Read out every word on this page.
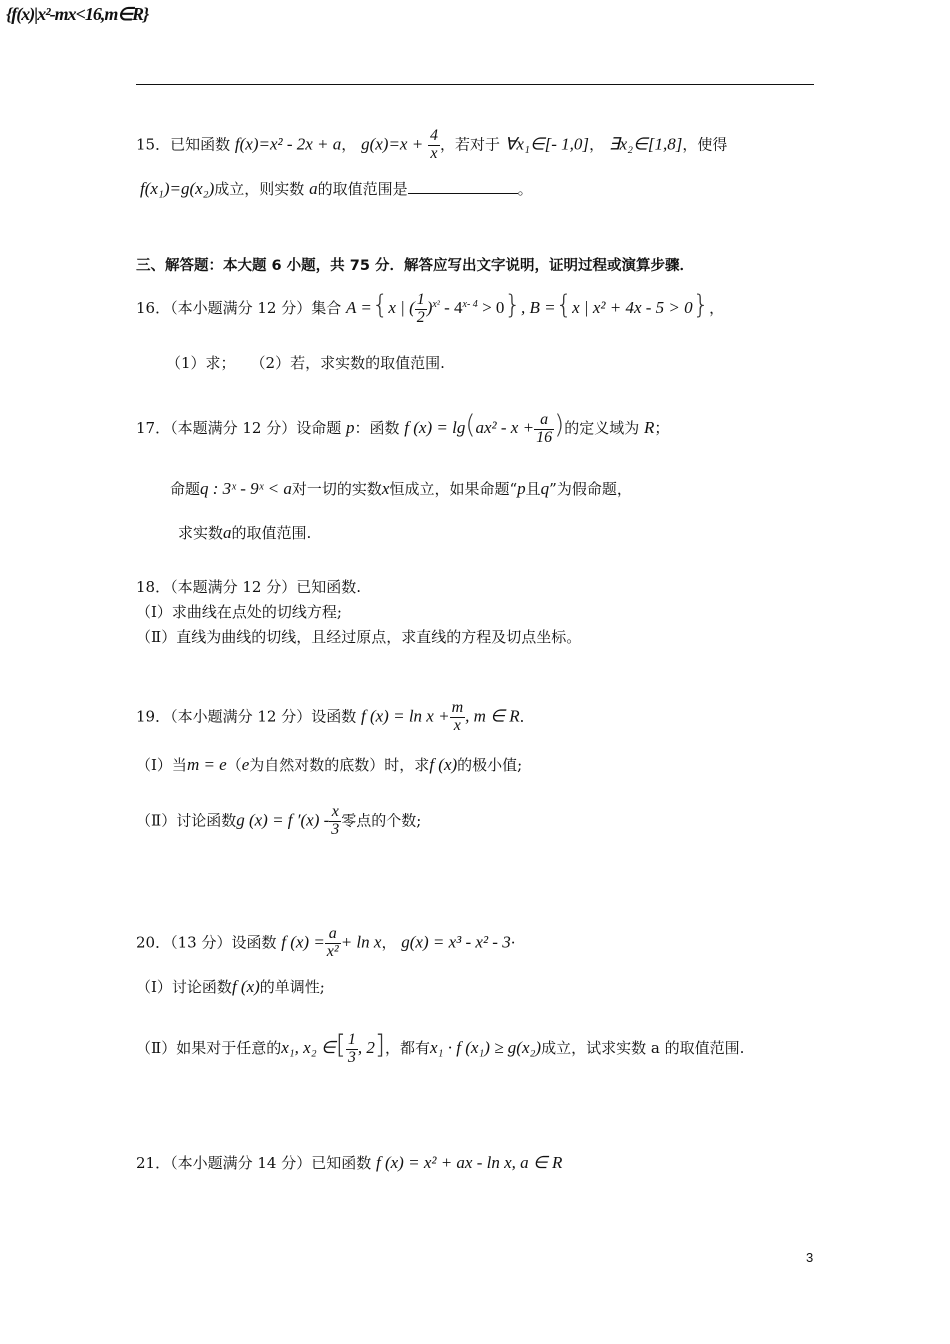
{f(x)|x²-mx<16,m∈R}
15．已知函数 f(x)=x² - 2x + a， $g(x)=x + \frac{4}{x}$ ，若对于 ∀x₁∈[- 1,0]， ∃x₂∈[1,8]，使得
f(x₁)=g(x₂)成立，则实数 a的取值范围是	。
三、解答题：本大题 6 小题，共 75 分．解答应写出文字说明，证明过程或演算步骤．
16．（本小题满分 12 分）集合 A ={x | ( $\frac{1}{2} )^{x^2} - 4^{x- 4} > 0$}, B ={x | x² + 4x - 5 > 0}，
（1）求；　　（2）若，求实数的取值范围.
17．（本题满分 12 分）设命题 p：函数 f $(x) = \lg(ax^2 - x + \frac{a}{16}$ )的定义域为 R；
命题q : 3ˣ - 9ˣ < a对一切的实数x恒成立，如果命题“p且q”为假命题，
求实数a的取值范围.
18．（本题满分 12 分）已知函数.
（Ⅰ）求曲线在点处的切线方程;
（Ⅱ）直线为曲线的切线，且经过原点，求直线的方程及切点坐标。
19．（本小题满分 12 分）设函数 f $(x) = \ln x + \frac{m}{x}$ , m ∈ R．
（Ⅰ）当m = e（e为自然对数的底数）时，求f (x)的极小值;
（Ⅱ）讨论函数g (x) = f $'(x) - \frac{x}{3}$ 零点的个数;
20．（13 分）设函数 f $(x) = \frac{a}{\text{x²}} + \ln x$， g(x) = x³ - x² - 3·
（Ⅰ）讨论函数f (x)的单调性;
（Ⅱ）如果对于任意的x₁, x₂ ∈[ $\frac{1}{3}$ , 2]，都有x₁ · f (x₁) ≥ g(x₂)成立，试求实数 a 的取值范围.
21．（本小题满分 14 分）已知函数 f (x) = x² + ax - ln x, a ∈ R
3
